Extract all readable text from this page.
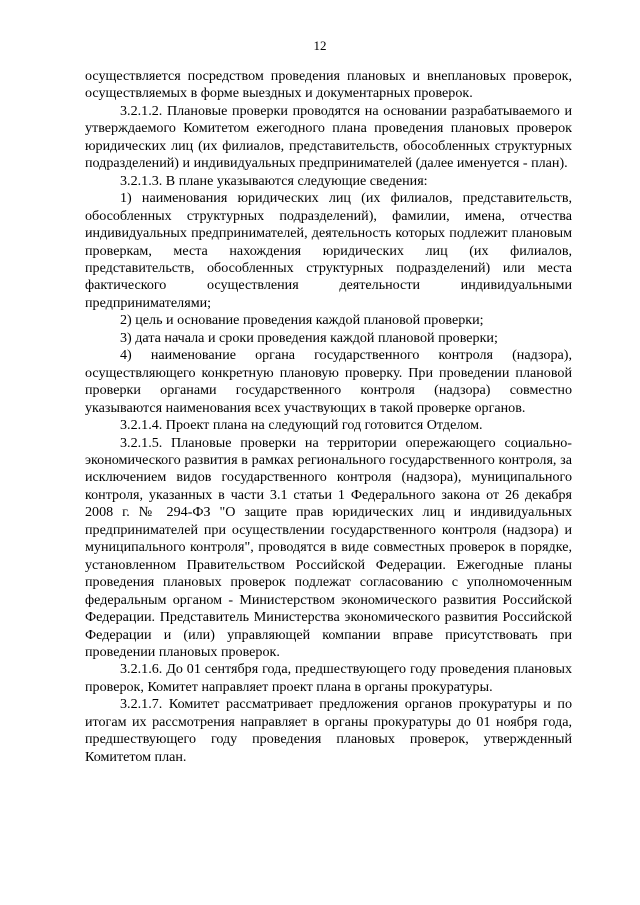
12

осуществляется посредством проведения плановых и внеплановых проверок, осуществляемых в форме выездных и документарных проверок.

3.2.1.2. Плановые проверки проводятся на основании разрабатываемого и утверждаемого Комитетом ежегодного плана проведения плановых проверок юридических лиц (их филиалов, представительств, обособленных структурных подразделений) и индивидуальных предпринимателей (далее именуется - план).

3.2.1.3. В плане указываются следующие сведения:

1) наименования юридических лиц (их филиалов, представительств, обособленных структурных подразделений), фамилии, имена, отчества индивидуальных предпринимателей, деятельность которых подлежит плановым проверкам, места нахождения юридических лиц (их филиалов, представительств, обособленных структурных подразделений) или места фактического осуществления деятельности индивидуальными предпринимателями;

2) цель и основание проведения каждой плановой проверки;

3) дата начала и сроки проведения каждой плановой проверки;

4) наименование органа государственного контроля (надзора), осуществляющего конкретную плановую проверку. При проведении плановой проверки органами государственного контроля (надзора) совместно указываются наименования всех участвующих в такой проверке органов.

3.2.1.4. Проект плана на следующий год готовится Отделом.

3.2.1.5. Плановые проверки на территории опережающего социально-экономического развития в рамках регионального государственного контроля, за исключением видов государственного контроля (надзора), муниципального контроля, указанных в части 3.1 статьи 1 Федерального закона от 26 декабря 2008 г. № 294-ФЗ "О защите прав юридических лиц и индивидуальных предпринимателей при осуществлении государственного контроля (надзора) и муниципального контроля", проводятся в виде совместных проверок в порядке, установленном Правительством Российской Федерации. Ежегодные планы проведения плановых проверок подлежат согласованию с уполномоченным федеральным органом - Министерством экономического развития Российской Федерации. Представитель Министерства экономического развития Российской Федерации и (или) управляющей компании вправе присутствовать при проведении плановых проверок.

3.2.1.6. До 01 сентября года, предшествующего году проведения плановых проверок, Комитет направляет проект плана в органы прокуратуры.

3.2.1.7. Комитет рассматривает предложения органов прокуратуры и по итогам их рассмотрения направляет в органы прокуратуры до 01 ноября года, предшествующего году проведения плановых проверок, утвержденный Комитетом план.
